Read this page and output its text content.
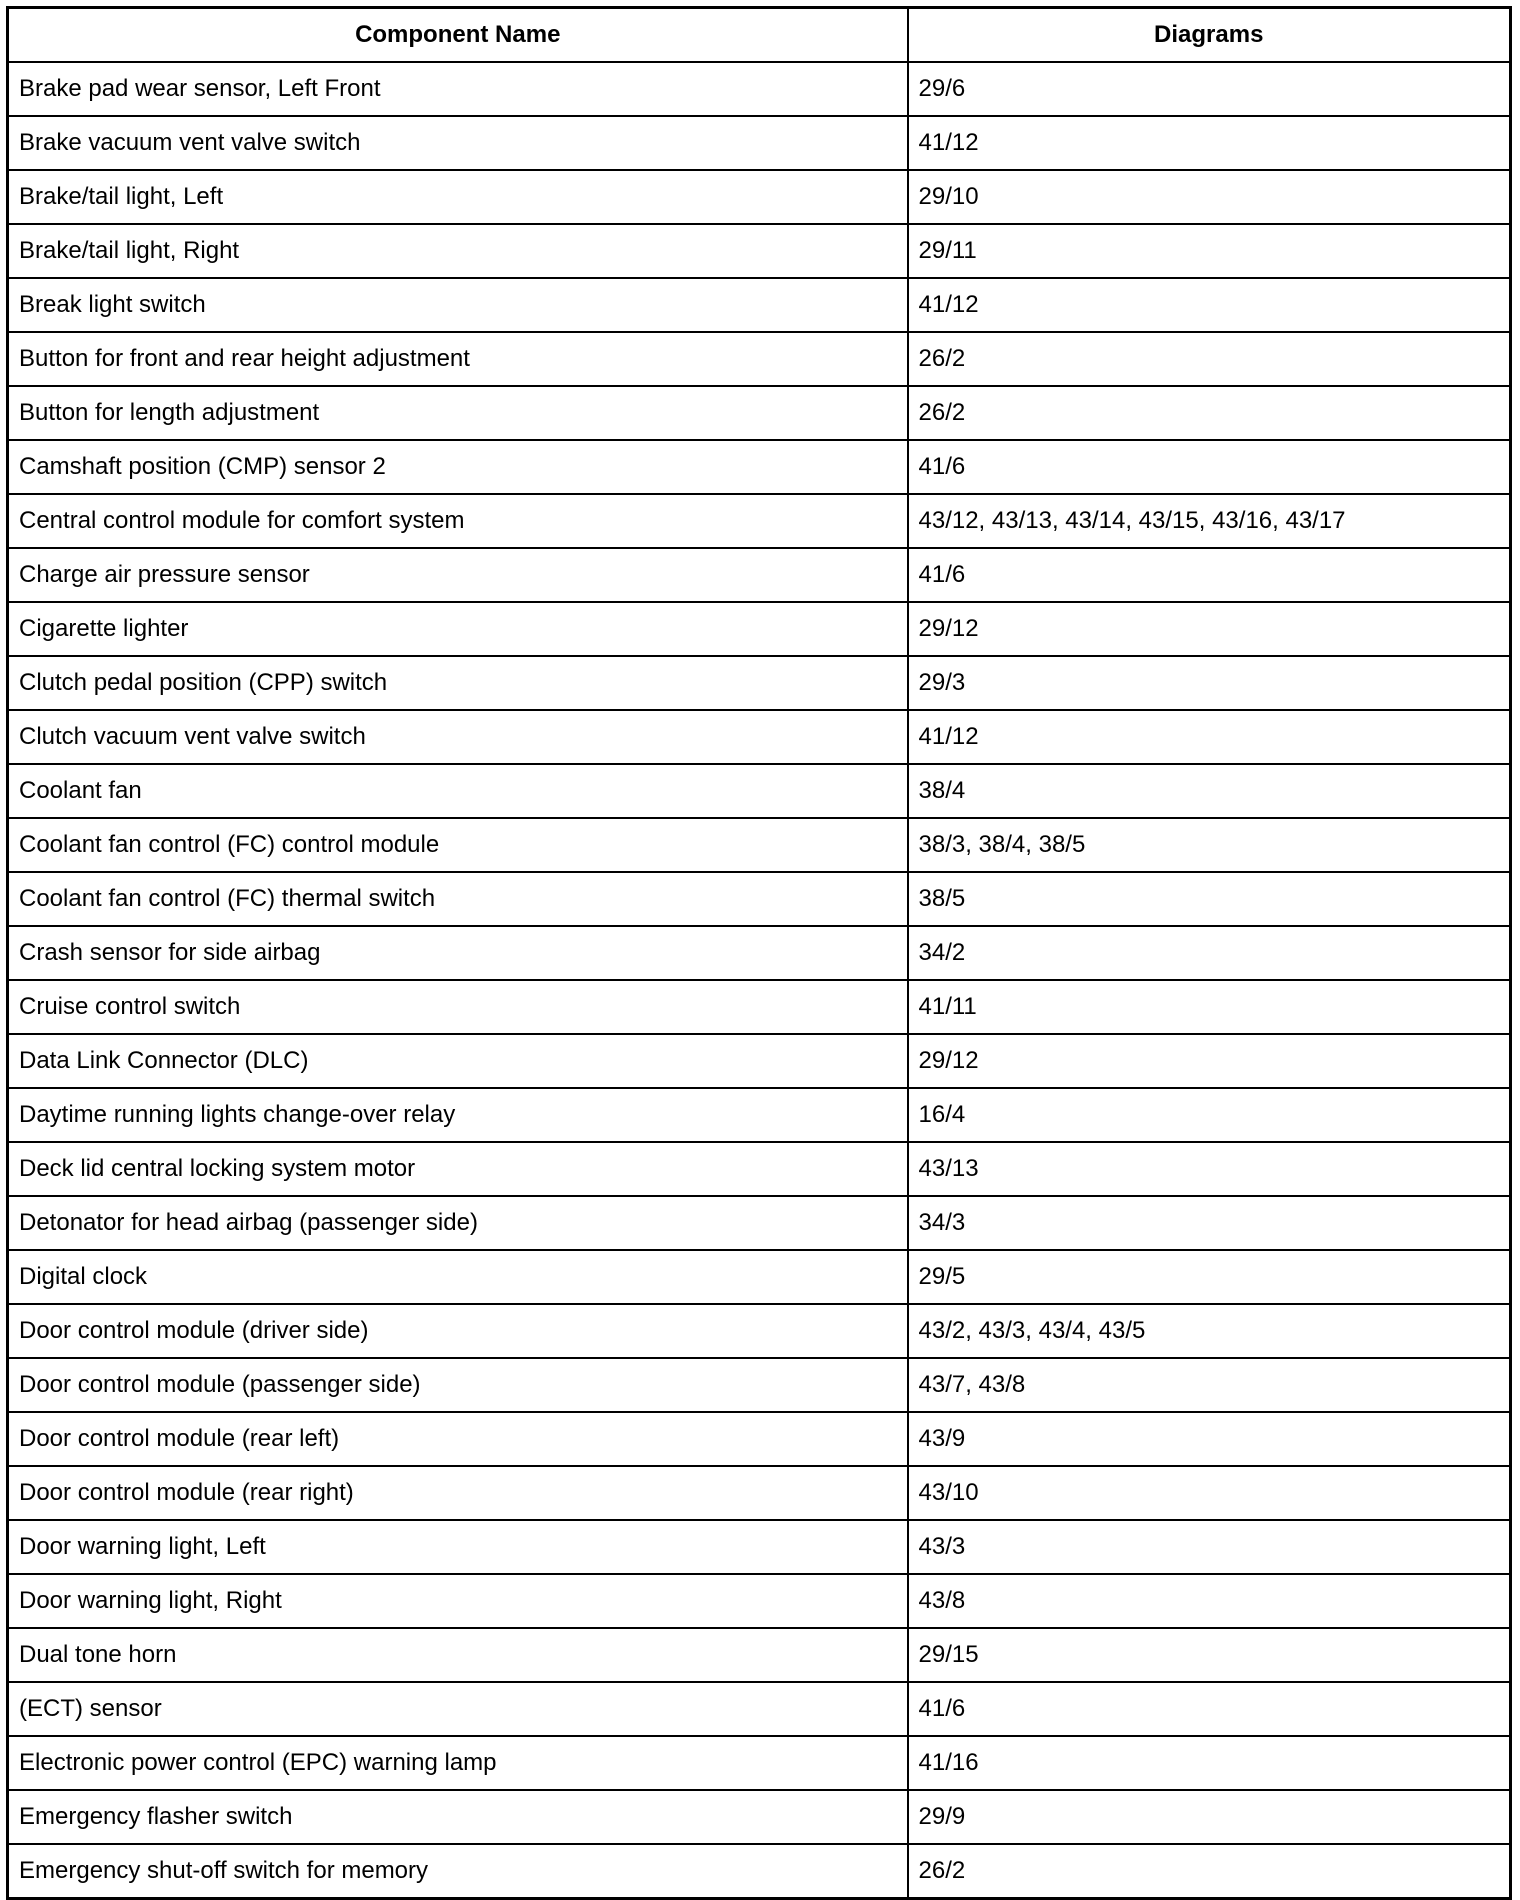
Component Name	Diagrams
Brake pad wear sensor, Left Front	29/6
Brake vacuum vent valve switch	41/12
Brake/tail light, Left	29/10
Brake/tail light, Right	29/11
Break light switch	41/12
Button for front and rear height adjustment	26/2
Button for length adjustment	26/2
Camshaft position (CMP) sensor 2	41/6
Central control module for comfort system	43/12, 43/13, 43/14, 43/15, 43/16, 43/17
Charge air pressure sensor	41/6
Cigarette lighter	29/12
Clutch pedal position (CPP) switch	29/3
Clutch vacuum vent valve switch	41/12
Coolant fan	38/4
Coolant fan control (FC) control module	38/3, 38/4, 38/5
Coolant fan control (FC) thermal switch	38/5
Crash sensor for side airbag	34/2
Cruise control switch	41/11
Data Link Connector (DLC)	29/12
Daytime running lights change-over relay	16/4
Deck lid central locking system motor	43/13
Detonator for head airbag (passenger side)	34/3
Digital clock	29/5
Door control module (driver side)	43/2, 43/3, 43/4, 43/5
Door control module (passenger side)	43/7, 43/8
Door control module (rear left)	43/9
Door control module (rear right)	43/10
Door warning light, Left	43/3
Door warning light, Right	43/8
Dual tone horn	29/15
(ECT) sensor	41/6
Electronic power control (EPC) warning lamp	41/16
Emergency flasher switch	29/9
Emergency shut-off switch for memory	26/2
